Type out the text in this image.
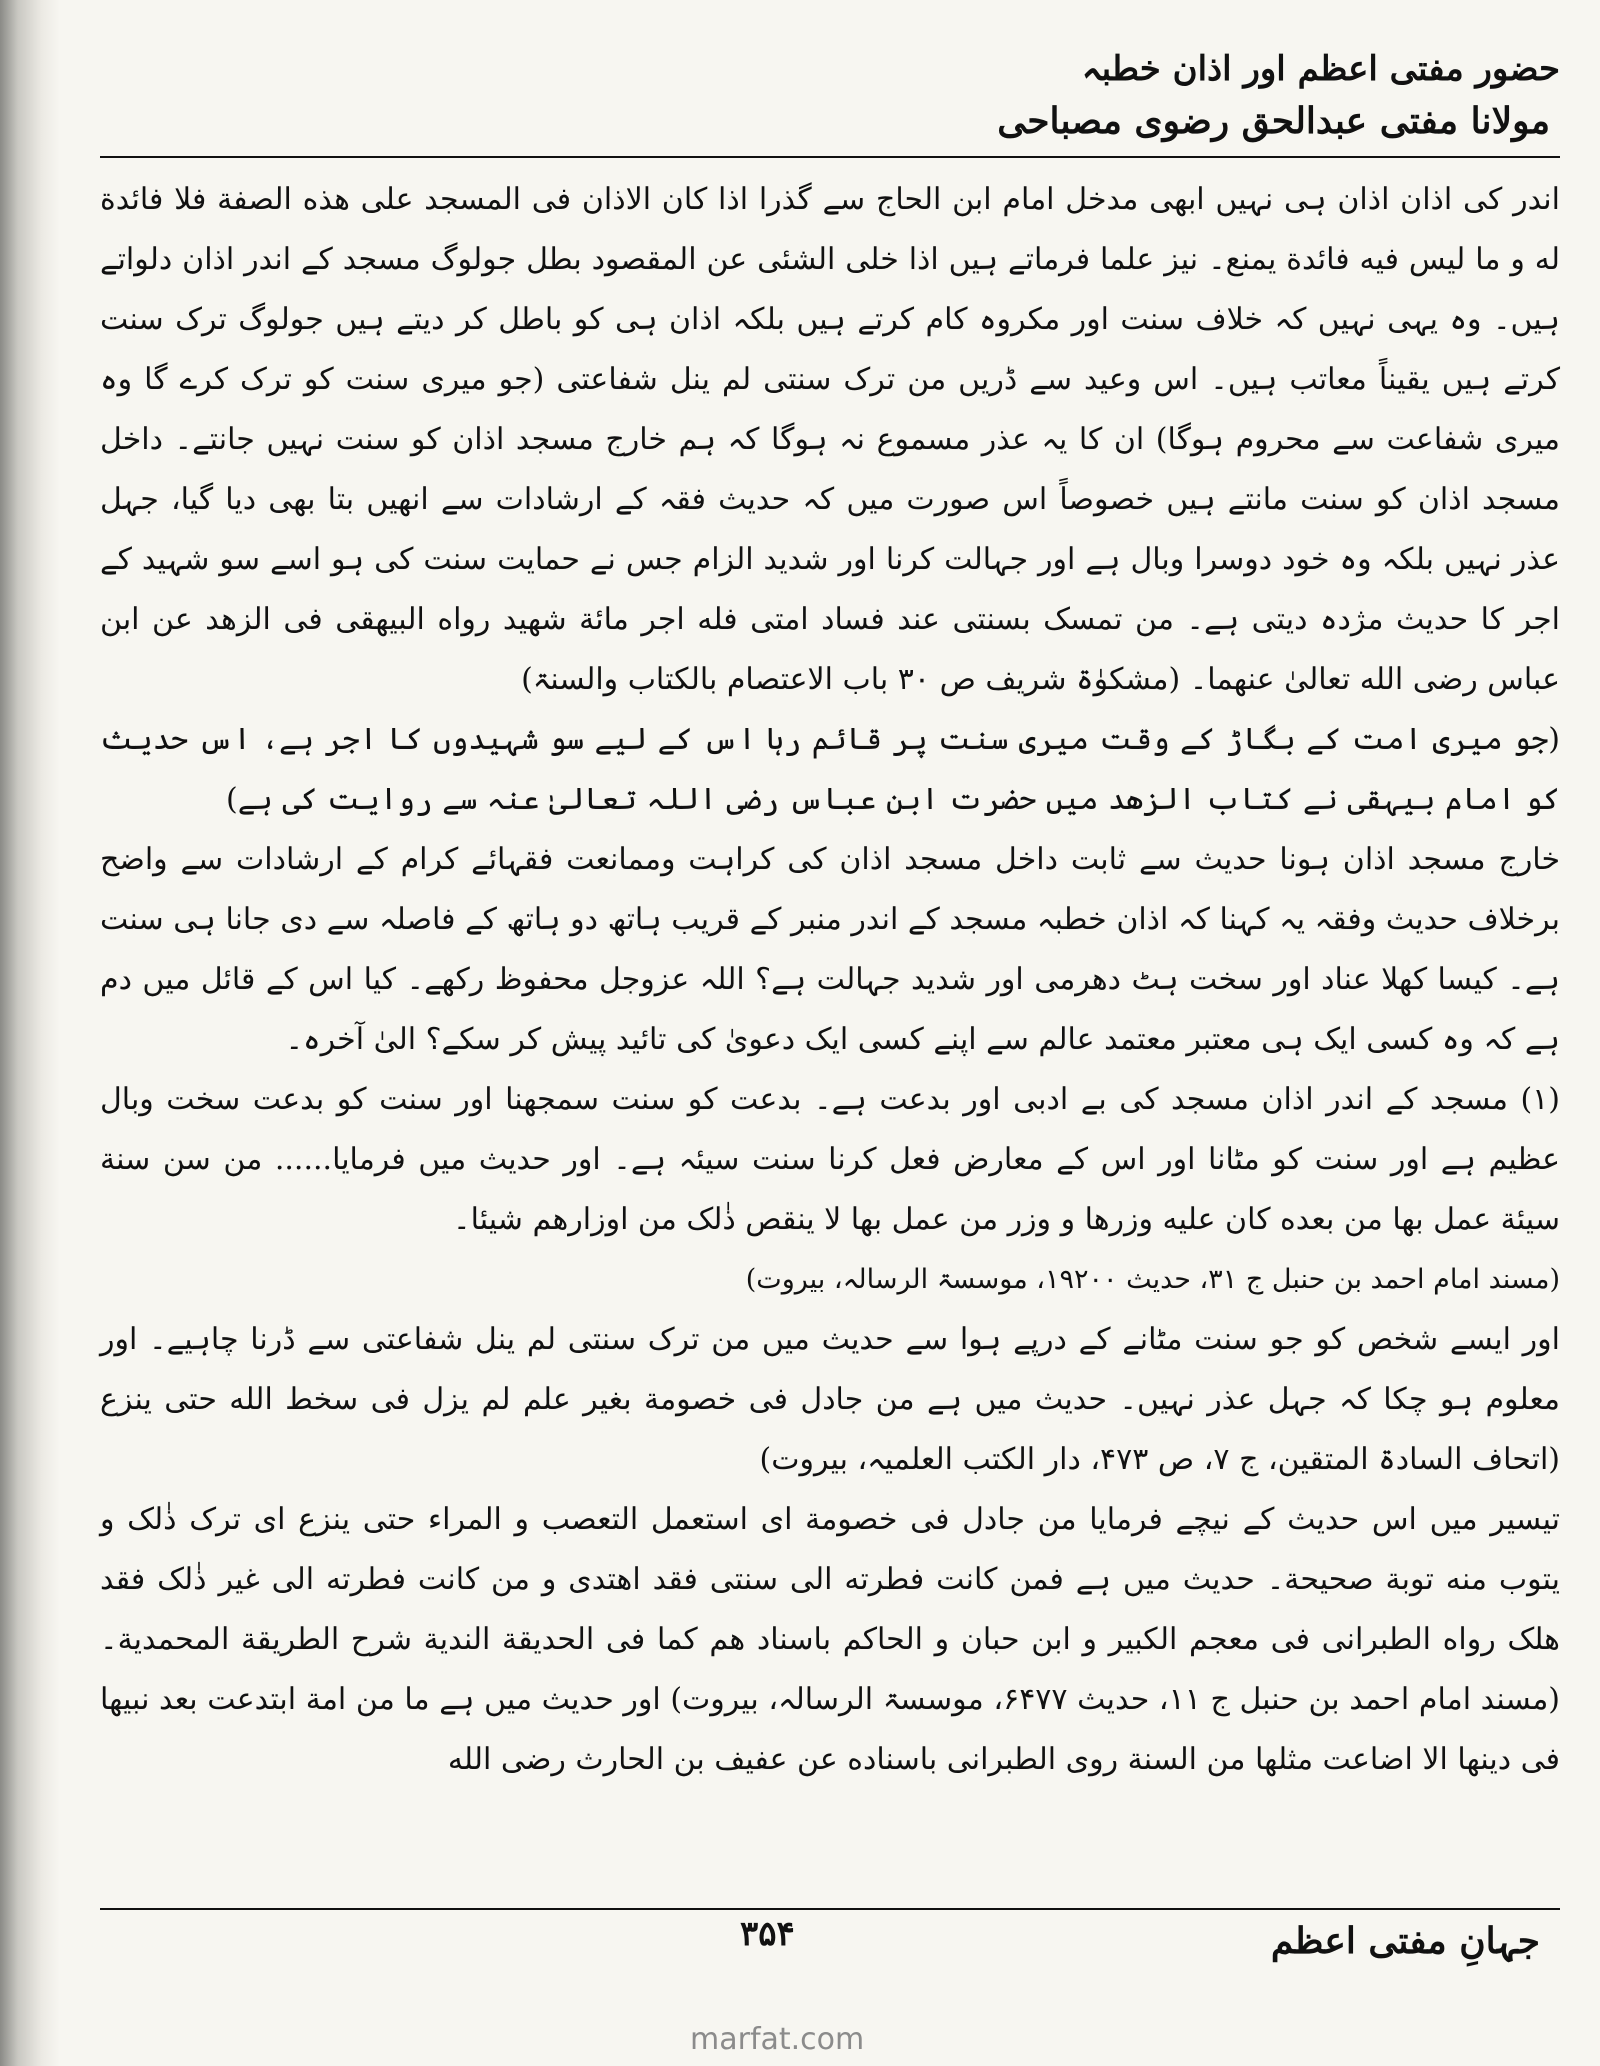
حضور مفتی اعظم اور اذان خطبہ
مولانا مفتی عبدالحق رضوی مصباحی

اندر کی اذان اذان ہی نہیں ابھی مدخل امام ابن الحاج سے گذرا اذا کان الاذان فی المسجد علی هذه الصفة فلا فائدة له و ما لیس فیه فائدة یمنع۔ نیز علما فرماتے ہیں اذا خلی الشئی عن المقصود بطل جولوگ مسجد کے اندر اذان دلواتے ہیں۔ وہ یہی نہیں کہ خلاف سنت اور مکروہ کام کرتے ہیں بلکہ اذان ہی کو باطل کر دیتے ہیں جولوگ ترک سنت کرتے ہیں یقیناً معاتب ہیں۔ اس وعید سے ڈریں من ترک سنتی لم ینل شفاعتی (جو میری سنت کو ترک کرے گا وہ میری شفاعت سے محروم ہوگا) ان کا یہ عذر مسموع نہ ہوگا کہ ہم خارج مسجد اذان کو سنت نہیں جانتے۔ داخل مسجد اذان کو سنت مانتے ہیں خصوصاً اس صورت میں کہ حدیث فقہ کے ارشادات سے انھیں بتا بھی دیا گیا، جہل عذر نہیں بلکہ وہ خود دوسرا وبال ہے اور جہالت کرنا اور شدید الزام جس نے حمایت سنت کی ہو اسے سو شہید کے اجر کا حدیث مژدہ دیتی ہے۔ من تمسک بسنتی عند فساد امتی فله اجر مائة شهید رواه البیهقی فی الزهد عن ابن عباس رضی الله تعالیٰ عنهما۔ (مشکوٰۃ شریف ص ۳۰ باب الاعتصام بالکتاب والسنۃ)

(جو میری امت کے بگاڑ کے وقت میری سنت پر قائم رہا اس کے لیے سو شہیدوں کا اجر ہے، اس حدیث کو امام بیہقی نے کتاب الزھد میں حضرت ابن عباس رضی اللہ تعالیٰ عنہ سے روایت کی ہے)

خارج مسجد اذان ہونا حدیث سے ثابت داخل مسجد اذان کی کراہت وممانعت فقہائے کرام کے ارشادات سے واضح برخلاف حدیث وفقہ یہ کہنا کہ اذان خطبہ مسجد کے اندر منبر کے قریب ہاتھ دو ہاتھ کے فاصلہ سے دی جانا ہی سنت ہے۔ کیسا کھلا عناد اور سخت ہٹ دھرمی اور شدید جہالت ہے؟ اللہ عزوجل محفوظ رکھے۔ کیا اس کے قائل میں دم ہے کہ وہ کسی ایک ہی معتبر معتمد عالم سے اپنے کسی ایک دعویٰ کی تائید پیش کر سکے؟ الیٰ آخرہ۔

(۱) مسجد کے اندر اذان مسجد کی بے ادبی اور بدعت ہے۔ بدعت کو سنت سمجھنا اور سنت کو بدعت سخت وبال عظیم ہے اور سنت کو مٹانا اور اس کے معارض فعل کرنا سنت سیئہ ہے۔ اور حدیث میں فرمایا...... من سن سنة سیئة عمل بها من بعده کان علیه وزرها و وزر من عمل بها لا ینقص ذٰلک من اوزارهم شیئا۔

(مسند امام احمد بن حنبل ج ۳۱، حدیث ۱۹۲۰۰، موسسۃ الرسالہ، بیروت)

اور ایسے شخص کو جو سنت مٹانے کے درپے ہوا سے حدیث میں من ترک سنتی لم ینل شفاعتی سے ڈرنا چاہیے۔ اور معلوم ہو چکا کہ جہل عذر نہیں۔ حدیث میں ہے من جادل فی خصومة بغیر علم لم یزل فی سخط الله حتی ینزع (اتحاف السادۃ المتقین، ج ۷، ص ۴۷۳، دار الکتب العلمیہ، بیروت)

تیسیر میں اس حدیث کے نیچے فرمایا من جادل فی خصومة ای استعمل التعصب و المراء حتی ینزع ای ترک ذٰلک و یتوب منه توبة صحیحة۔ حدیث میں ہے فمن کانت فطرته الی سنتی فقد اهتدی و من کانت فطرته الی غیر ذٰلک فقد هلک رواه الطبرانی فی معجم الکبیر و ابن حبان و الحاکم باسناد هم کما فی الحدیقة الندیة شرح الطریقة المحمدیة۔ (مسند امام احمد بن حنبل ج ۱۱، حدیث ۶۴۷۷، موسسۃ الرسالہ، بیروت) اور حدیث میں ہے ما من امة ابتدعت بعد نبیها فی دینها الا اضاعت مثلها من السنة روی الطبرانی باسناده عن عفیف بن الحارث رضی الله

جہانِ مفتی اعظم
۳۵۴
marfat.com
